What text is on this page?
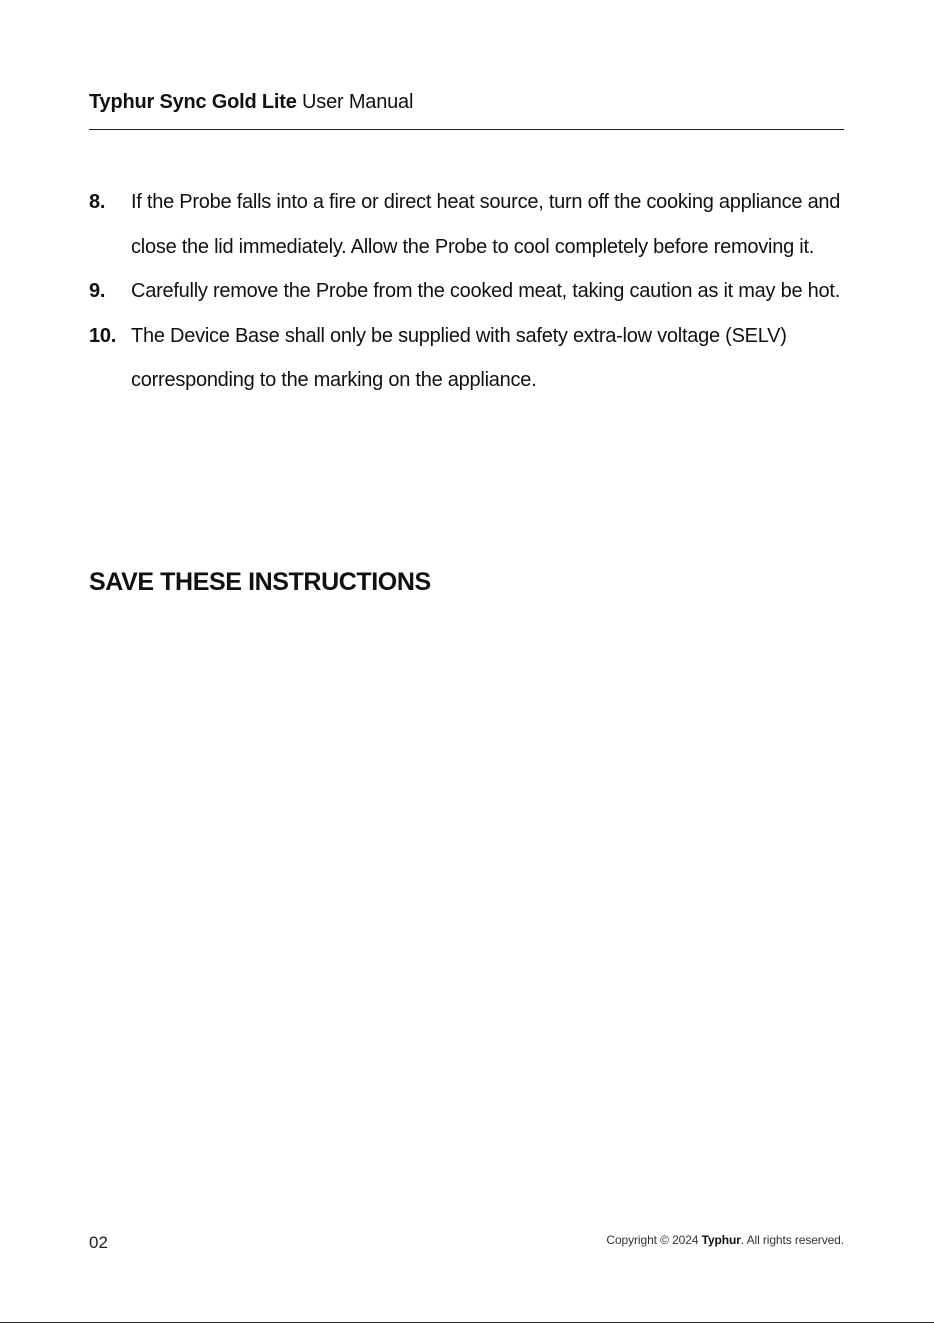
Typhur Sync Gold Lite User Manual
8.	If the Probe falls into a fire or direct heat source, turn off the cooking appliance and close the lid immediately. Allow the Probe to cool completely before removing it.
9.	Carefully remove the Probe from the cooked meat, taking caution as it may be hot.
10. The Device Base shall only be supplied with safety extra-low voltage (SELV) corresponding to the marking on the appliance.
SAVE THESE INSTRUCTIONS
02	Copyright © 2024 Typhur. All rights reserved.
